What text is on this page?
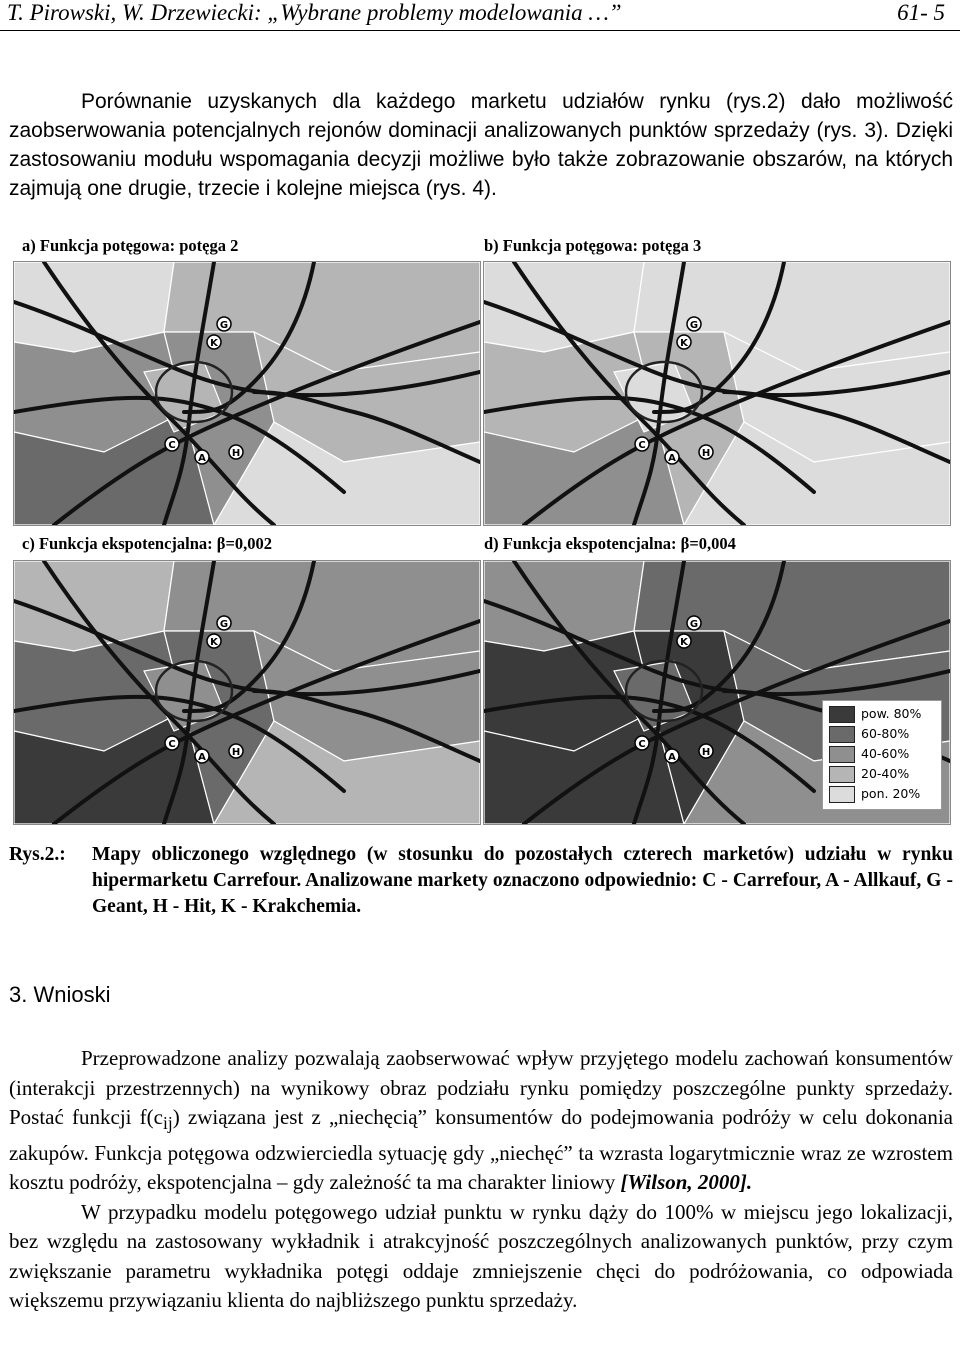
T. Pirowski, W. Drzewiecki: „Wybrane problemy modelowania …”	61- 5
Porównanie uzyskanych dla każdego marketu udziałów rynku (rys.2) dało możliwość zaobserwowania potencjalnych rejonów dominacji analizowanych punktów sprzedaży (rys. 3). Dzięki zastosowaniu modułu wspomagania decyzji możliwe było także zobrazowanie obszarów, na których zajmują one drugie, trzecie i kolejne miejsca (rys. 4).
a) Funkcja potęgowa: potęga 2	b) Funkcja potęgowa: potęga 3
c) Funkcja ekspotencjalna: β=0,002	d) Funkcja ekspotencjalna: β=0,004
G
K
C
A	H
G
K
C
A	H
G
K
C
A	H
G
K
C
A	H
pow. 80%
60-80%
40-60%
20-40%
pon. 20%
Rys.2.: Mapy obliczonego względnego (w stosunku do pozostałych czterech marketów) udziału w rynku hipermarketu Carrefour. Analizowane markety oznaczono odpowiednio: C - Carrefour, A - Allkauf, G - Geant, H - Hit, K - Krakchemia.
3. Wnioski

Przeprowadzone analizy pozwalają zaobserwować wpływ przyjętego modelu zachowań konsumentów (interakcji przestrzennych) na wynikowy obraz podziału rynku pomiędzy poszczególne punkty sprzedaży. Postać funkcji $f(c_{ij})$ związana jest z „niechęcią” konsumentów do podejmowania podróży w celu dokonania zakupów. Funkcja potęgowa odzwierciedla sytuację gdy „niechęć” ta wzrasta logarytmicznie wraz ze wzrostem kosztu podróży, ekspotencjalna – gdy zależność ta ma charakter liniowy [Wilson, 2000].

W przypadku modelu potęgowego udział punktu w rynku dąży do 100% w miejscu jego lokalizacji, bez względu na zastosowany wykładnik i atrakcyjność poszczególnych analizowanych punktów, przy czym zwiększanie parametru wykładnika potęgi oddaje zmniejszenie chęci do podróżowania, co odpowiada większemu przywiązaniu klienta do najbliższego punktu sprzedaży.
